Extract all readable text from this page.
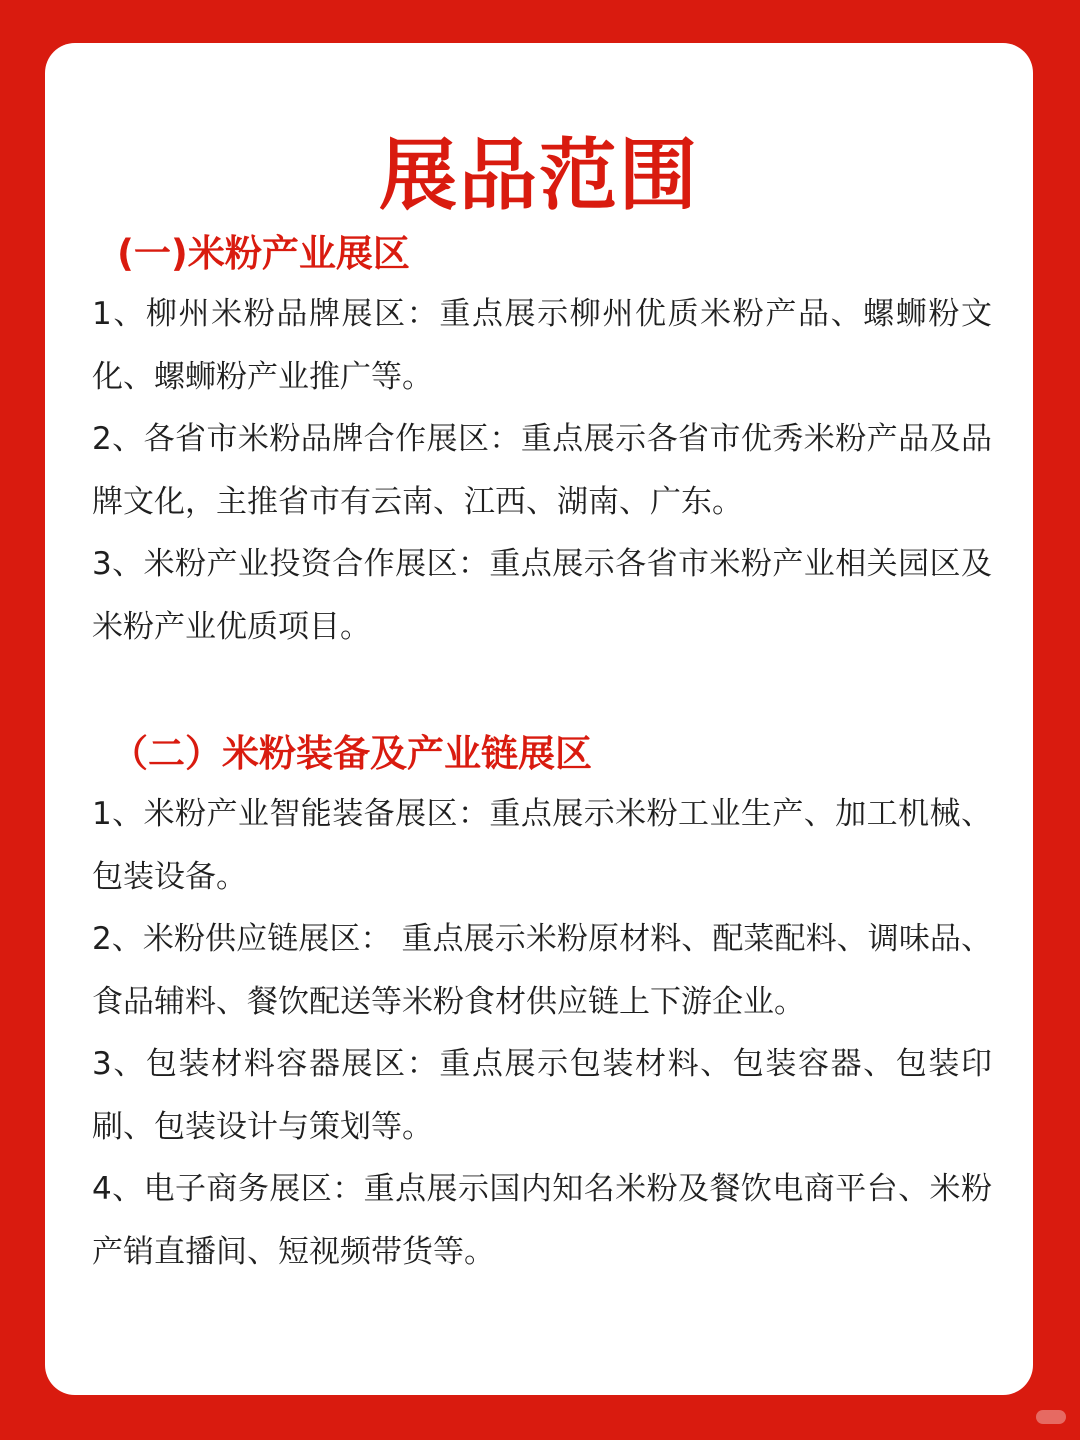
展品范围
(一)米粉产业展区
1、柳州米粉品牌展区：重点展示柳州优质米粉产品、螺蛳粉文化、螺蛳粉产业推广等。
2、各省市米粉品牌合作展区：重点展示各省市优秀米粉产品及品牌文化，主推省市有云南、江西、湖南、广东。
3、米粉产业投资合作展区：重点展示各省市米粉产业相关园区及米粉产业优质项目。
（二）米粉装备及产业链展区
1、米粉产业智能装备展区：重点展示米粉工业生产、加工机械、包装设备。
2、米粉供应链展区： 重点展示米粉原材料、配菜配料、调味品、食品辅料、餐饮配送等米粉食材供应链上下游企业。
3、包装材料容器展区：重点展示包装材料、包装容器、包装印刷、包装设计与策划等。
4、电子商务展区：重点展示国内知名米粉及餐饮电商平台、米粉产销直播间、短视频带货等。
